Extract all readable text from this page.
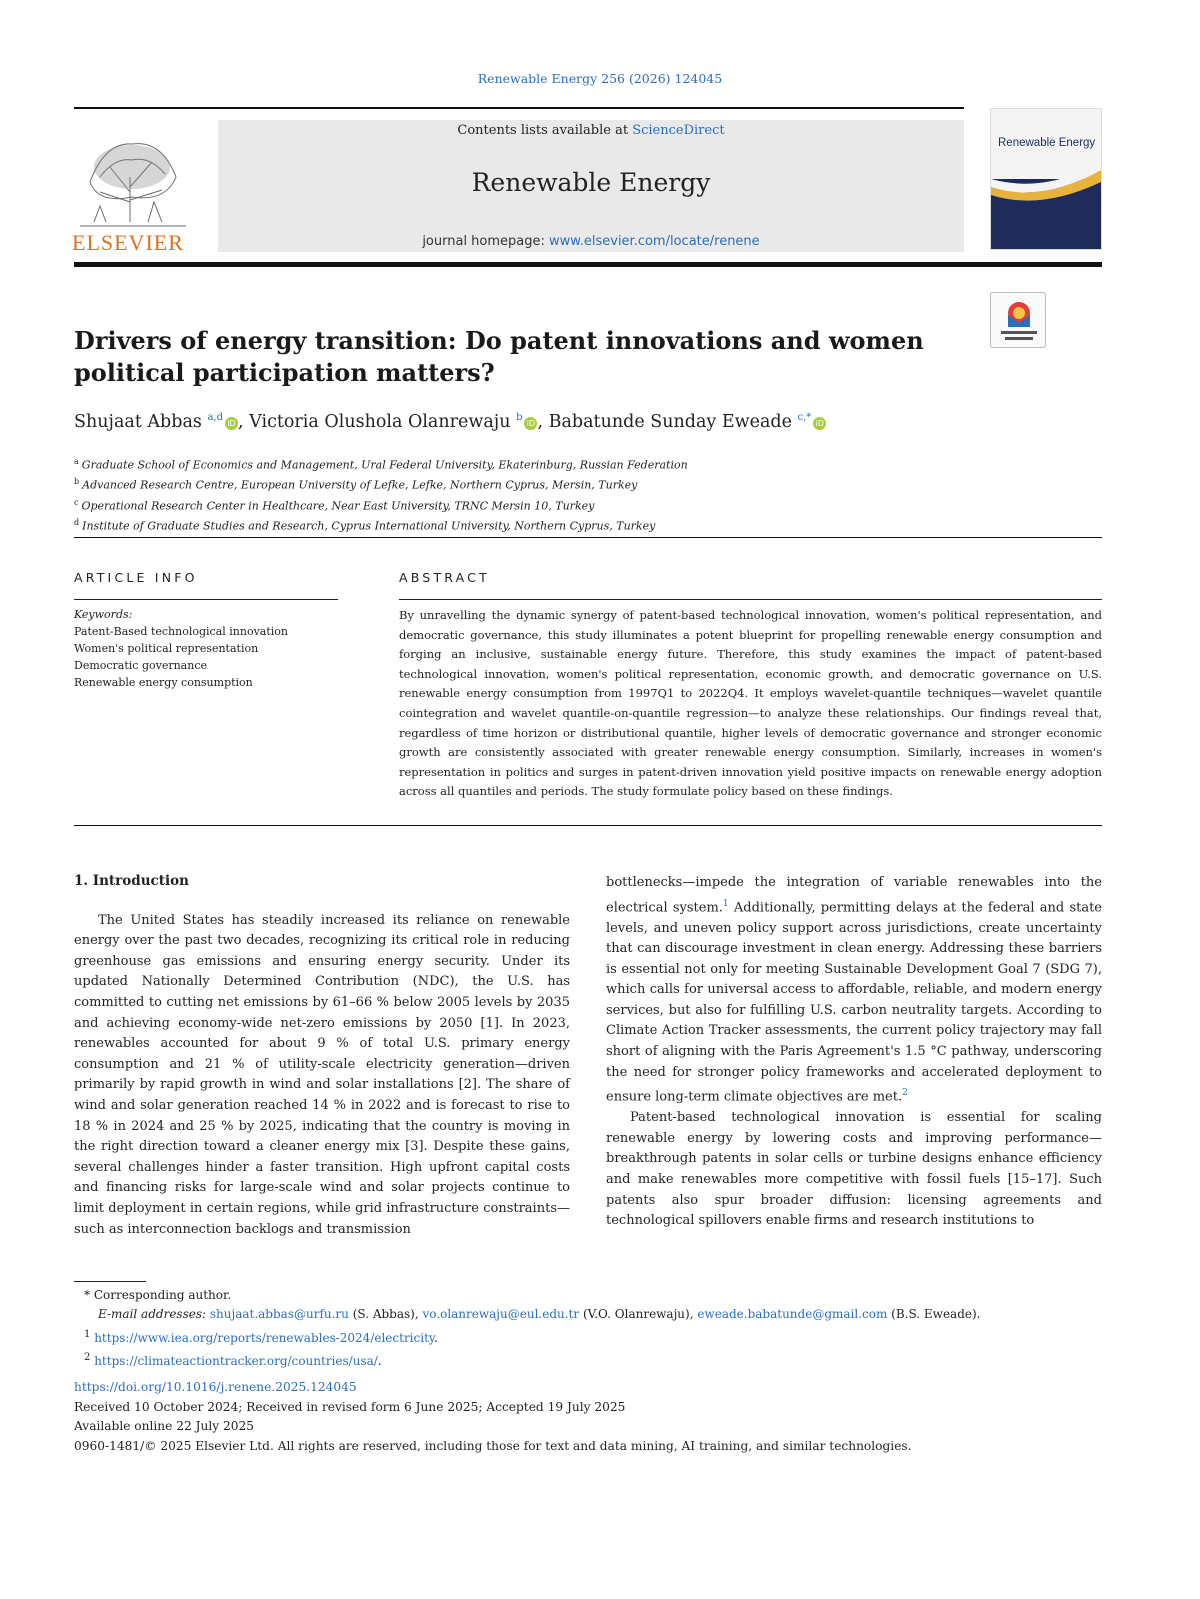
Renewable Energy 256 (2026) 124045
ELSEVIER
Contents lists available at ScienceDirect
Renewable Energy
journal homepage: www.elsevier.com/locate/renene
Renewable Energy
Drivers of energy transition: Do patent innovations and women political participation matters?
Shujaat Abbas $^{a,d}$iD , Victoria Olushola Olanrewaju $^b$iD , Babatunde Sunday Eweade $^{c,*}$iD
$^a$ Graduate School of Economics and Management, Ural Federal University, Ekaterinburg, Russian Federation
$^b$ Advanced Research Centre, European University of Lefke, Lefke, Northern Cyprus, Mersin, Turkey
$^c$ Operational Research Center in Healthcare, Near East University, TRNC Mersin 10, Turkey
$^d$ Institute of Graduate Studies and Research, Cyprus International University, Northern Cyprus, Turkey
ARTICLE INFO	ABSTRACT
Keywords:
Patent-Based technological innovation
Women's political representation
Democratic governance
Renewable energy consumption
By unravelling the dynamic synergy of patent-based technological innovation, women's political representation, and democratic governance, this study illuminates a potent blueprint for propelling renewable energy consumption and forging an inclusive, sustainable energy future. Therefore, this study examines the impact of patent-based technological innovation, women's political representation, economic growth, and democratic governance on U.S. renewable energy consumption from 1997Q1 to 2022Q4. It employs wavelet-quantile techniques—wavelet quantile cointegration and wavelet quantile-on-quantile regression—to analyze these relationships. Our findings reveal that, regardless of time horizon or distributional quantile, higher levels of democratic governance and stronger economic growth are consistently associated with greater renewable energy consumption. Similarly, increases in women's representation in politics and surges in patent-driven innovation yield positive impacts on renewable energy adoption across all quantiles and periods. The study formulate policy based on these findings.
1. Introduction

The United States has steadily increased its reliance on renewable energy over the past two decades, recognizing its critical role in reducing greenhouse gas emissions and ensuring energy security. Under its updated Nationally Determined Contribution (NDC), the U.S. has committed to cutting net emissions by 61–66 % below 2005 levels by 2035 and achieving economy-wide net-zero emissions by 2050 [1]. In 2023, renewables accounted for about 9 % of total U.S. primary energy consumption and 21 % of utility-scale electricity generation—driven primarily by rapid growth in wind and solar installations [2]. The share of wind and solar generation reached 14 % in 2022 and is forecast to rise to 18 % in 2024 and 25 % by 2025, indicating that the country is moving in the right direction toward a cleaner energy mix [3]. Despite these gains, several challenges hinder a faster transition. High upfront capital costs and financing risks for large-scale wind and solar projects continue to limit deployment in certain regions, while grid infrastructure constraints—such as interconnection backlogs and transmission

bottlenecks—impede the integration of variable renewables into the electrical system.$^1$ Additionally, permitting delays at the federal and state levels, and uneven policy support across jurisdictions, create uncertainty that can discourage investment in clean energy. Addressing these barriers is essential not only for meeting Sustainable Development Goal 7 (SDG 7), which calls for universal access to affordable, reliable, and modern energy services, but also for fulfilling U.S. carbon neutrality targets. According to Climate Action Tracker assessments, the current policy trajectory may fall short of aligning with the Paris Agreement's 1.5 °C pathway, underscoring the need for stronger policy frameworks and accelerated deployment to ensure long-term climate objectives are met.$^2$

Patent-based technological innovation is essential for scaling renewable energy by lowering costs and improving performance—breakthrough patents in solar cells or turbine designs enhance efficiency and make renewables more competitive with fossil fuels [15–17]. Such patents also spur broader diffusion: licensing agreements and technological spillovers enable firms and research institutions to

* Corresponding author.
E-mail addresses: shujaat.abbas@urfu.ru (S. Abbas), vo.olanrewaju@eul.edu.tr (V.O. Olanrewaju), eweade.babatunde@gmail.com (B.S. Eweade).
$^1$ https://www.iea.org/reports/renewables-2024/electricity.
$^2$ https://climateactiontracker.org/countries/usa/.
https://doi.org/10.1016/j.renene.2025.124045
Received 10 October 2024; Received in revised form 6 June 2025; Accepted 19 July 2025
Available online 22 July 2025
0960-1481/© 2025 Elsevier Ltd. All rights are reserved, including those for text and data mining, AI training, and similar technologies.
